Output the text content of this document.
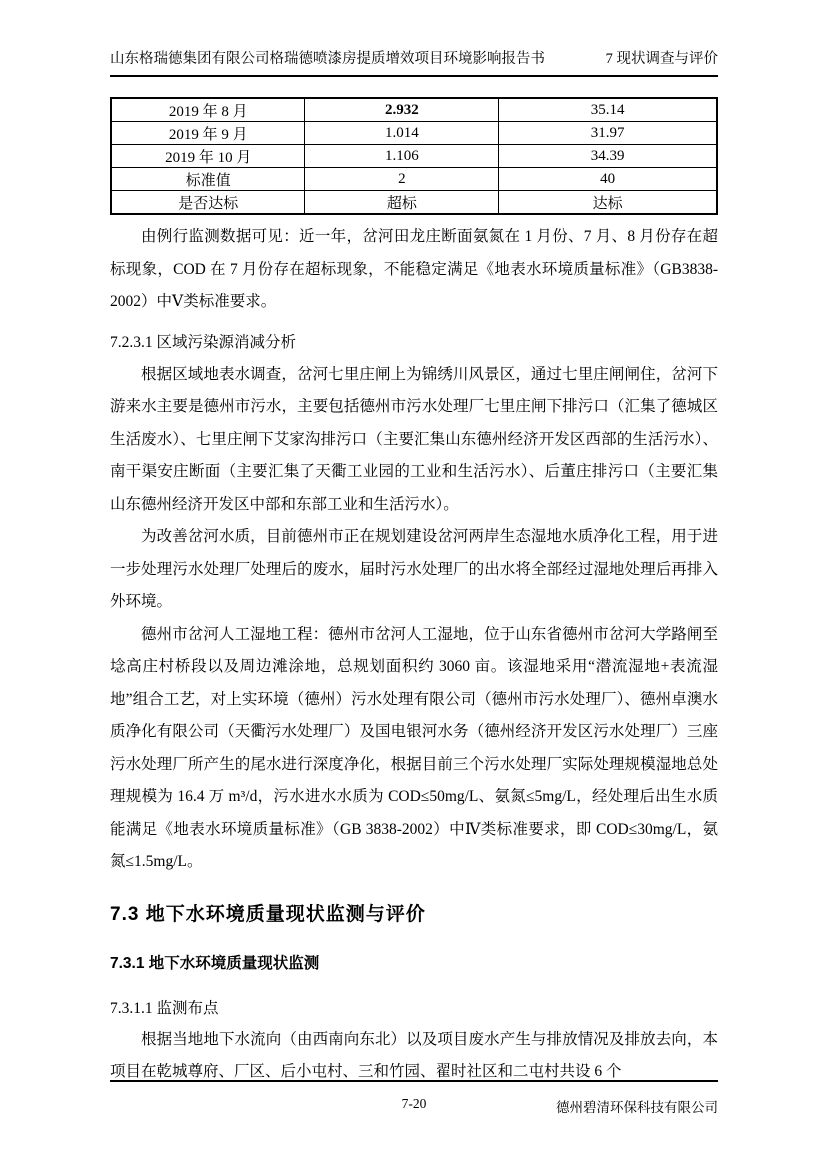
山东格瑞德集团有限公司格瑞德喷漆房提质增效项目环境影响报告书	7 现状调查与评价
2019 年 8 月	2.932	35.14
2019 年 9 月	1.014	31.97
2019 年 10 月	1.106	34.39
标准值	2	40
是否达标	超标	达标

由例行监测数据可见：近一年，岔河田龙庄断面氨氮在 1 月份、7 月、8 月份存在超标现象，COD 在 7 月份存在超标现象，不能稳定满足《地表水环境质量标准》（GB3838-2002）中Ⅴ类标准要求。

7.2.3.1 区域污染源消减分析

根据区域地表水调查，岔河七里庄闸上为锦绣川风景区，通过七里庄闸闸住，岔河下游来水主要是德州市污水，主要包括德州市污水处理厂七里庄闸下排污口（汇集了德城区生活废水）、七里庄闸下艾家沟排污口（主要汇集山东德州经济开发区西部的生活污水）、南干渠安庄断面（主要汇集了天衢工业园的工业和生活污水）、后董庄排污口（主要汇集山东德州经济开发区中部和东部工业和生活污水）。

为改善岔河水质，目前德州市正在规划建设岔河两岸生态湿地水质净化工程，用于进一步处理污水处理厂处理后的废水，届时污水处理厂的出水将全部经过湿地处理后再排入外环境。

德州市岔河人工湿地工程：德州市岔河人工湿地，位于山东省德州市岔河大学路闸至埝高庄村桥段以及周边滩涂地，总规划面积约 3060 亩。该湿地采用“潜流湿地+表流湿地”组合工艺，对上实环境（德州）污水处理有限公司（德州市污水处理厂）、德州卓澳水质净化有限公司（天衢污水处理厂）及国电银河水务（德州经济开发区污水处理厂）三座污水处理厂所产生的尾水进行深度净化，根据目前三个污水处理厂实际处理规模湿地总处理规模为 16.4 万 m³/d，污水进水水质为 COD≤50mg/L、氨氮≤5mg/L，经处理后出生水质能满足《地表水环境质量标准》（GB 3838-2002）中Ⅳ类标准要求，即 COD≤30mg/L，氨氮≤1.5mg/L。

7.3 地下水环境质量现状监测与评价
7.3.1 地下水环境质量现状监测
7.3.1.1 监测布点

根据当地地下水流向（由西南向东北）以及项目废水产生与排放情况及排放去向，本项目在乾城尊府、厂区、后小屯村、三和竹园、翟时社区和二屯村共设 6 个

7-20	德州碧清环保科技有限公司
